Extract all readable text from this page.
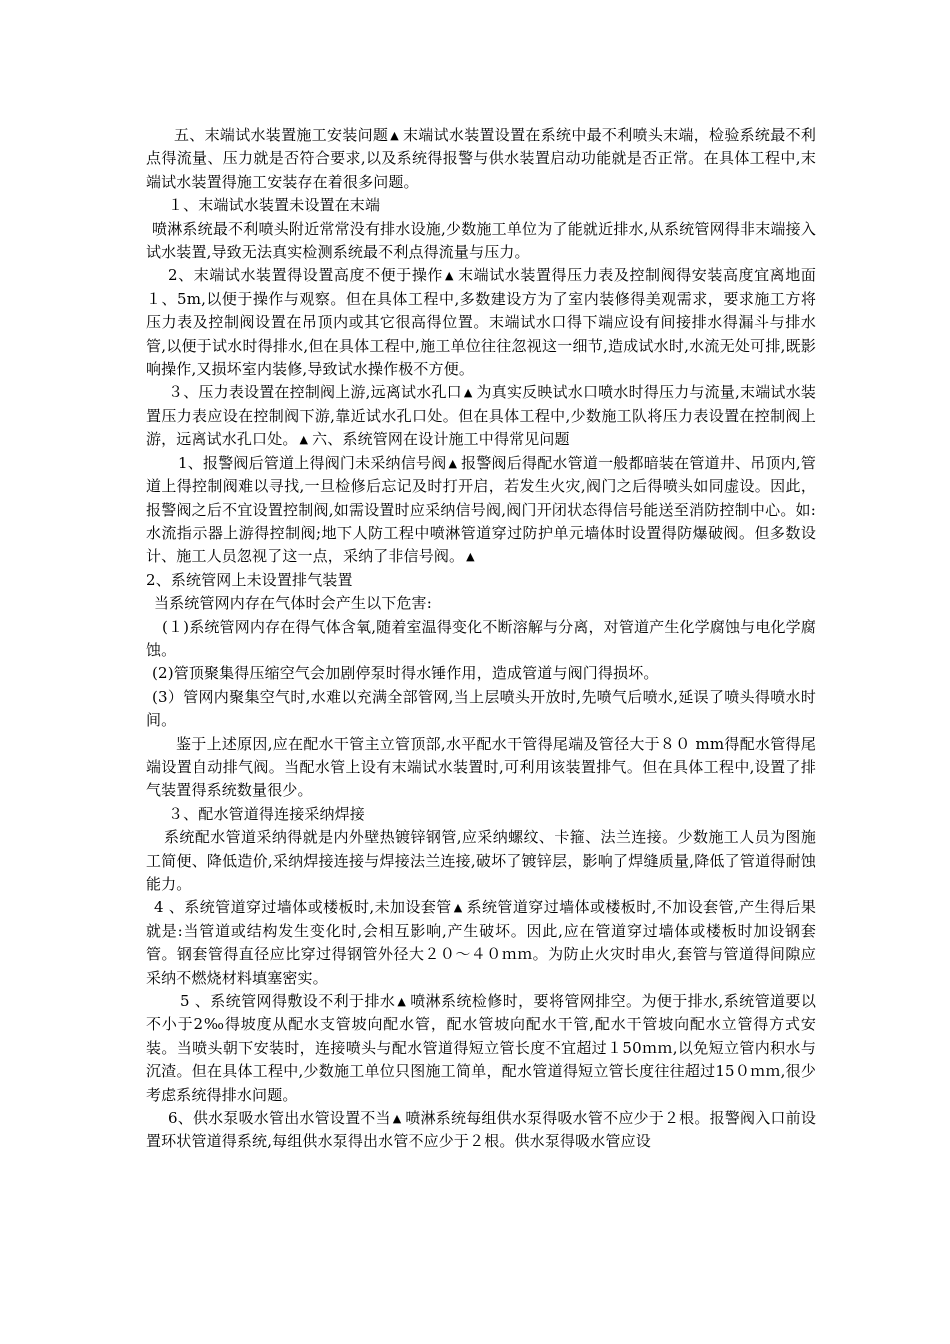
五、末端试水装置施工安装问题 ▲ 末端试水装置设置在系统中最不利喷头末端，检验系统最不利点得流量、压力就是否符合要求,以及系统得报警与供水装置启动功能就是否正常。在具体工程中,末端试水装置得施工安装存在着很多问题。

１、末端试水装置未设置在末端

喷淋系统最不利喷头附近常常没有排水设施,少数施工单位为了能就近排水,从系统管网得非末端接入试水装置,导致无法真实检测系统最不利点得流量与压力。

2、末端试水装置得设置高度不便于操作 ▲ 末端试水装置得压力表及控制阀得安装高度宜离地面１、5m,以便于操作与观察。但在具体工程中,多数建设方为了室内装修得美观需求，要求施工方将压力表及控制阀设置在吊顶内或其它很高得位置。末端试水口得下端应设有间接排水得漏斗与排水管,以便于试水时得排水,但在具体工程中,施工单位往往忽视这一细节,造成试水时,水流无处可排,既影响操作,又损坏室内装修,导致试水操作极不方便。

３、压力表设置在控制阀上游,远离试水孔口 ▲ 为真实反映试水口喷水时得压力与流量,末端试水装置压力表应设在控制阀下游,靠近试水孔口处。但在具体工程中,少数施工队将压力表设置在控制阀上游，远离试水孔口处。 ▲ 六、系统管网在设计施工中得常见问题

1、报警阀后管道上得阀门未采纳信号阀 ▲ 报警阀后得配水管道一般都暗装在管道井、吊顶内,管道上得控制阀难以寻找,一旦检修后忘记及时打开启，若发生火灾,阀门之后得喷头如同虚设。因此，报警阀之后不宜设置控制阀,如需设置时应采纳信号阀,阀门开闭状态得信号能送至消防控制中心。如:水流指示器上游得控制阀;地下人防工程中喷淋管道穿过防护单元墙体时设置得防爆破阀。但多数设计、施工人员忽视了这一点，采纳了非信号阀。 ▲

2、系统管网上未设置排气装置

当系统管网内存在气体时会产生以下危害:

(１)系统管网内存在得气体含氧,随着室温得变化不断溶解与分离，对管道产生化学腐蚀与电化学腐蚀。

(2)管顶聚集得压缩空气会加剧停泵时得水锤作用，造成管道与阀门得损坏。

(3）管网内聚集空气时,水难以充满全部管网,当上层喷头开放时,先喷气后喷水,延误了喷头得喷水时间。

鉴于上述原因,应在配水干管主立管顶部,水平配水干管得尾端及管径大于８０ mm得配水管得尾端设置自动排气阀。当配水管上设有末端试水装置时,可利用该装置排气。但在具体工程中,设置了排气装置得系统数量很少。

３、配水管道得连接采纳焊接

系统配水管道采纳得就是内外壁热镀锌钢管,应采纳螺纹、卡箍、法兰连接。少数施工人员为图施工简便、降低造价,采纳焊接连接与焊接法兰连接,破坏了镀锌层，影响了焊缝质量,降低了管道得耐蚀能力。

4 、系统管道穿过墙体或楼板时,未加设套管 ▲ 系统管道穿过墙体或楼板时,不加设套管,产生得后果就是:当管道或结构发生变化时,会相互影响,产生破坏。因此,应在管道穿过墙体或楼板时加设钢套管。钢套管得直径应比穿过得钢管外径大２０～４０ｍｍ。为防止火灾时串火,套管与管道得间隙应采纳不燃烧材料填塞密实。

5 、系统管网得敷设不利于排水 ▲ 喷淋系统检修时，要将管网排空。为便于排水,系统管道要以不小于2‰得坡度从配水支管坡向配水管，配水管坡向配水干管,配水干管坡向配水立管得方式安装。当喷头朝下安装时，连接喷头与配水管道得短立管长度不宜超过１50ｍｍ,以免短立管内积水与沉渣。但在具体工程中,少数施工单位只图施工简单，配水管道得短立管长度往往超过15０ｍｍ,很少考虑系统得排水问题。

6、供水泵吸水管出水管设置不当 ▲ 喷淋系统每组供水泵得吸水管不应少于２根。报警阀入口前设置环状管道得系统,每组供水泵得出水管不应少于２根。供水泵得吸水管应设
